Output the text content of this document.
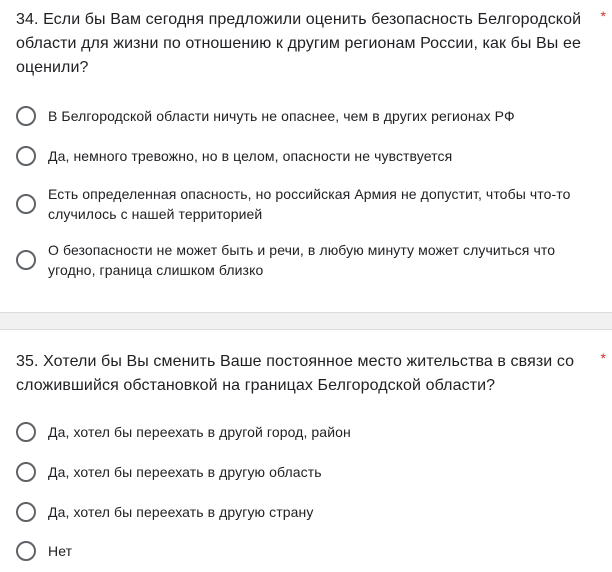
34. Если бы Вам сегодня предложили оценить безопасность Белгородской области для жизни по отношению к другим регионам России, как бы Вы ее оценили?
*
В Белгородской области ничуть не опаснее, чем в других регионах РФ
Да, немного тревожно, но в целом, опасности не чувствуется
Есть определенная опасность, но российская Армия не допустит, чтобы что-то случилось с нашей территорией
О безопасности не может быть и речи, в любую минуту может случиться что угодно, граница слишком близко
35. Хотели бы Вы сменить Ваше постоянное место жительства в связи со сложившийся обстановкой на границах Белгородской области?
*
Да, хотел бы переехать в другой город, район
Да, хотел бы переехать в другую область
Да, хотел бы переехать в другую страну
Нет
